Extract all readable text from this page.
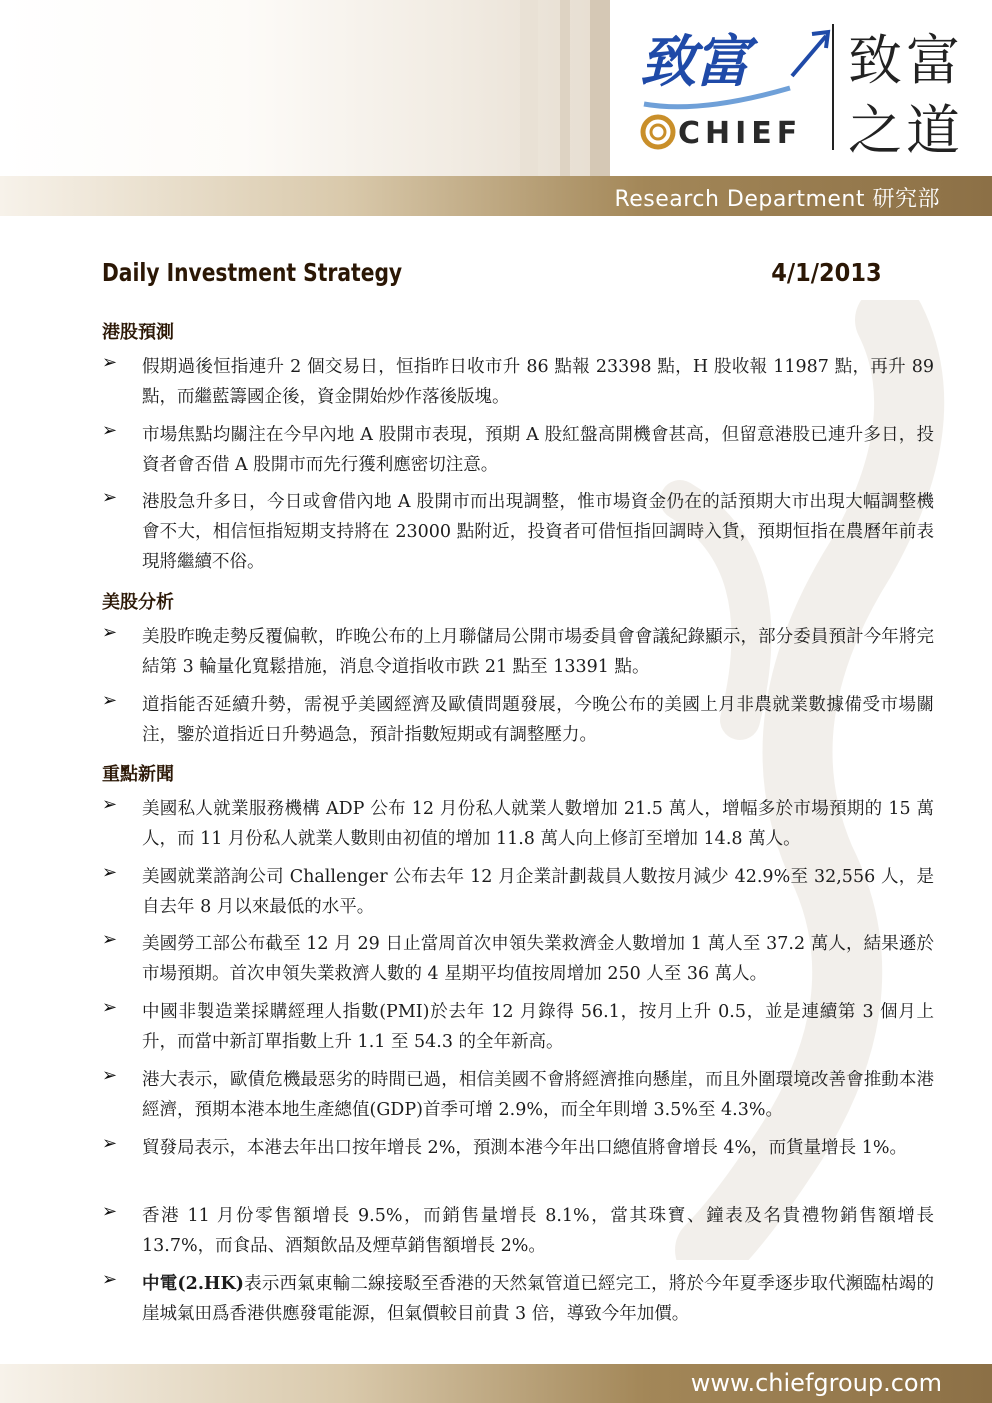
致富
CHIEF
致富
之道
Research Department 研究部
Daily Investment Strategy	4/1/2013
港股預測
➢ 假期過後恒指連升 2 個交易日，恒指昨日收市升 86 點報 23398 點，H 股收報 11987 點，再升 89 點，而繼藍籌國企後，資金開始炒作落後版塊。
➢ 市場焦點均關注在今早內地 A 股開市表現，預期 A 股紅盤高開機會甚高，但留意港股已連升多日，投資者會否借 A 股開市而先行獲利應密切注意。
➢ 港股急升多日，今日或會借內地 A 股開市而出現調整，惟市場資金仍在的話預期大市出現大幅調整機會不大，相信恒指短期支持將在 23000 點附近，投資者可借恒指回調時入貨，預期恒指在農曆年前表現將繼續不俗。
美股分析
➢ 美股昨晚走勢反覆偏軟，昨晚公布的上月聯儲局公開市場委員會會議紀錄顯示，部分委員預計今年將完結第 3 輪量化寬鬆措施，消息令道指收市跌 21 點至 13391 點。
➢ 道指能否延續升勢，需視乎美國經濟及歐債問題發展，今晚公布的美國上月非農就業數據備受市場關注，鑒於道指近日升勢過急，預計指數短期或有調整壓力。
重點新聞
➢ 美國私人就業服務機構 ADP 公布 12 月份私人就業人數增加 21.5 萬人，增幅多於市場預期的 15 萬人，而 11 月份私人就業人數則由初值的增加 11.8 萬人向上修訂至增加 14.8 萬人。
➢ 美國就業諮詢公司 Challenger 公布去年 12 月企業計劃裁員人數按月減少 42.9%至 32,556 人，是自去年 8 月以來最低的水平。
➢ 美國勞工部公布截至 12 月 29 日止當周首次申領失業救濟金人數增加 1 萬人至 37.2 萬人，結果遜於市場預期。首次申領失業救濟人數的 4 星期平均值按周增加 250 人至 36 萬人。
➢ 中國非製造業採購經理人指數(PMI)於去年 12 月錄得 56.1，按月上升 0.5，並是連續第 3 個月上升，而當中新訂單指數上升 1.1 至 54.3 的全年新高。
➢ 港大表示，歐債危機最惡劣的時間已過，相信美國不會將經濟推向懸崖，而且外圍環境改善會推動本港經濟，預期本港本地生產總值(GDP)首季可增 2.9%，而全年則增 3.5%至 4.3%。
➢ 貿發局表示，本港去年出口按年增長 2%，預測本港今年出口總值將會增長 4%，而貨量增長 1%。
➢ 香港 11 月份零售額增長 9.5%，而銷售量增長 8.1%，當其珠寶、鐘表及名貴禮物銷售額增長 13.7%，而食品、酒類飲品及煙草銷售額增長 2%。
➢ 中電(2.HK)表示西氣東輸二線接駁至香港的天然氣管道已經完工，將於今年夏季逐步取代瀕臨枯竭的崖城氣田爲香港供應發電能源，但氣價較目前貴 3 倍，導致今年加價。
www.chiefgroup.com
